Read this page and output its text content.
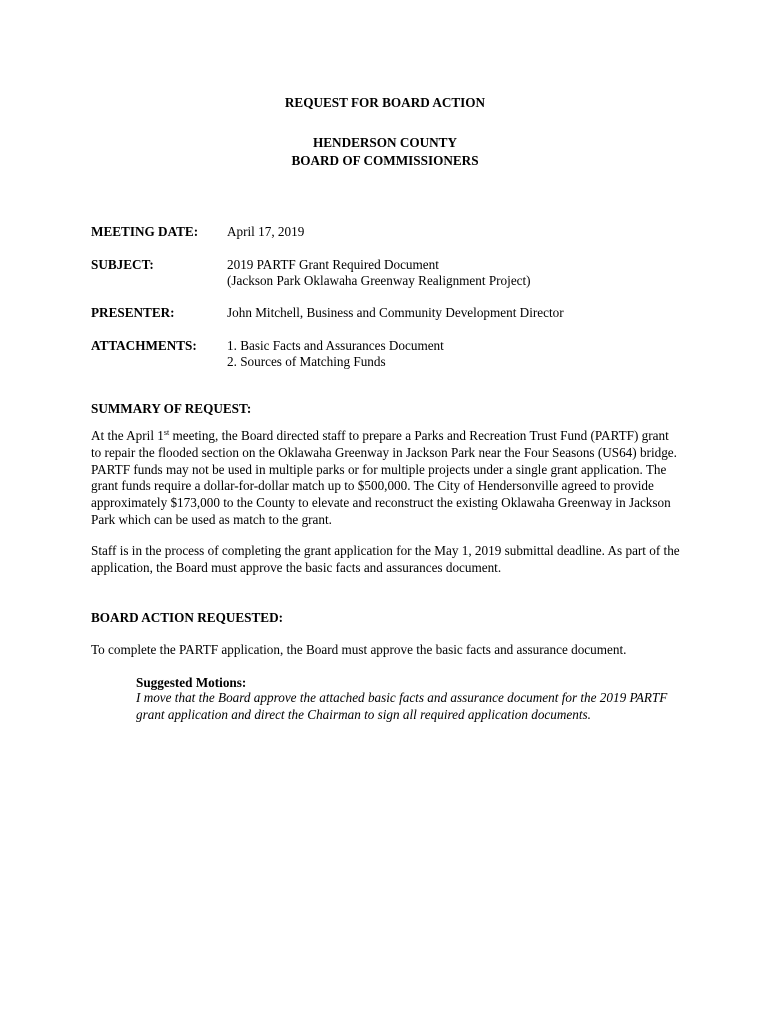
REQUEST FOR BOARD ACTION
HENDERSON COUNTY
BOARD OF COMMISSIONERS
MEETING DATE: April 17, 2019
SUBJECT:	2019 PARTF Grant Required Document
(Jackson Park Oklawaha Greenway Realignment Project)
PRESENTER:	John Mitchell, Business and Community Development Director
ATTACHMENTS: 1. Basic Facts and Assurances Document
2. Sources of Matching Funds
SUMMARY OF REQUEST:
At the April 1st meeting, the Board directed staff to prepare a Parks and Recreation Trust Fund (PARTF) grant to repair the flooded section on the Oklawaha Greenway in Jackson Park near the Four Seasons (US64) bridge. PARTF funds may not be used in multiple parks or for multiple projects under a single grant application. The grant funds require a dollar-for-dollar match up to $500,000. The City of Hendersonville agreed to provide approximately $173,000 to the County to elevate and reconstruct the existing Oklawaha Greenway in Jackson Park which can be used as match to the grant.
Staff is in the process of completing the grant application for the May 1, 2019 submittal deadline. As part of the application, the Board must approve the basic facts and assurances document.
BOARD ACTION REQUESTED:
To complete the PARTF application, the Board must approve the basic facts and assurance document.
Suggested Motions:
I move that the Board approve the attached basic facts and assurance document for the 2019 PARTF
grant application and direct the Chairman to sign all required application documents.
